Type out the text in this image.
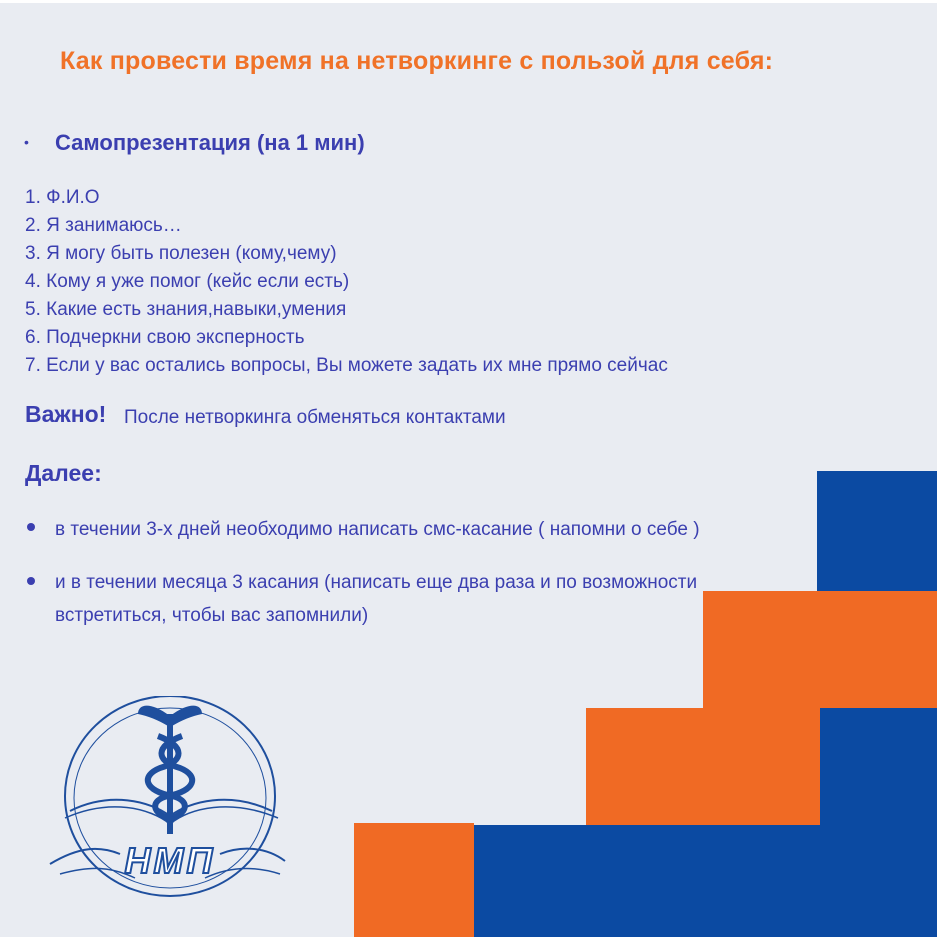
Как провести время на нетворкинге с пользой для себя:
• Самопрезентация (на 1 мин)
1. Ф.И.О
2. Я занимаюсь…
3. Я могу быть полезен (кому,чему)
4. Кому я уже помог (кейс если есть)
5. Какие есть знания,навыки,умения
6. Подчеркни свою эксперность
7. Если у вас остались вопросы, Вы можете задать их мне прямо сейчас
Важно! После нетворкинга обменяться контактами
Далее:
в течении 3-х дней необходимо написать смс-касание ( напомни о себе )
и в течении месяца 3 касания (написать еще два раза и по возможности
встретиться, чтобы вас запомнили)
НМП
